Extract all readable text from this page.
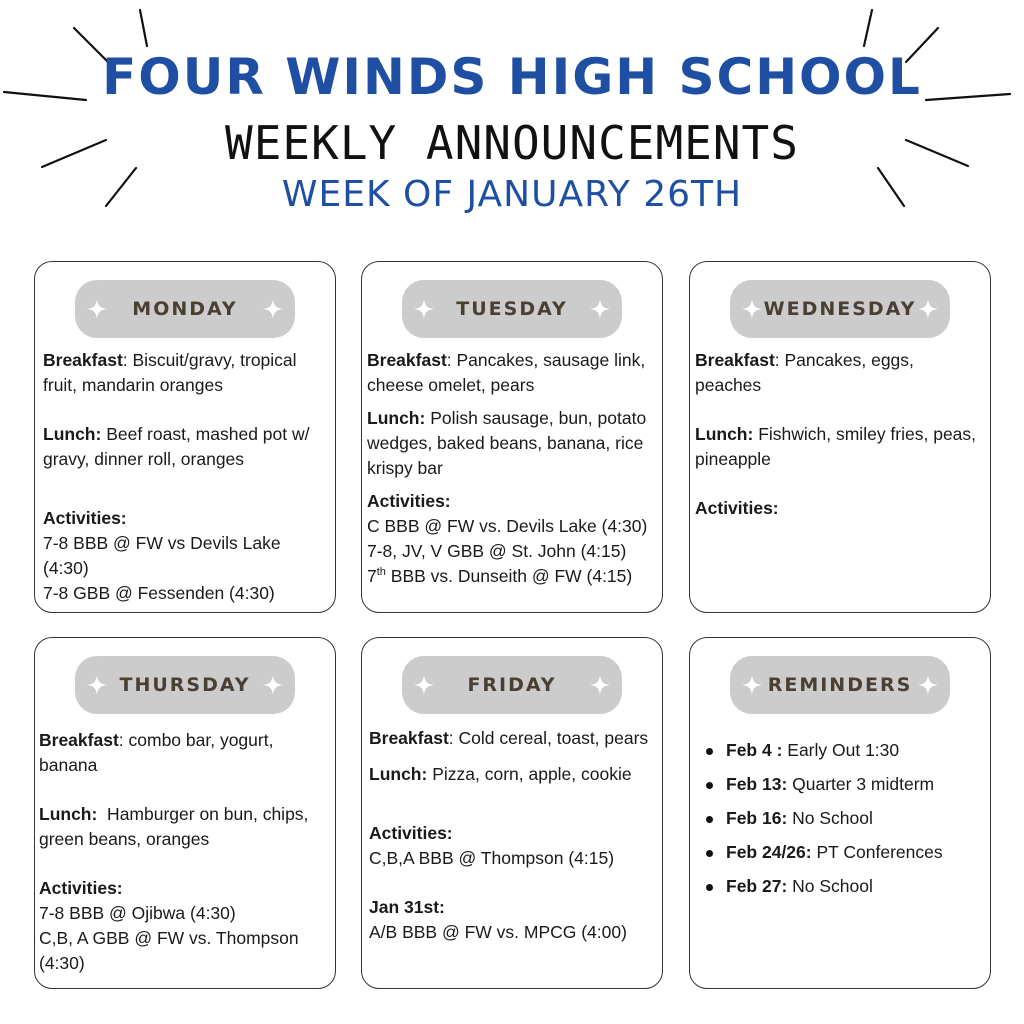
FOUR WINDS HIGH SCHOOL
WEEKLY ANNOUNCEMENTS
WEEK OF JANUARY 26TH
MONDAY
Breakfast: Biscuit/gravy, tropical fruit, mandarin oranges
Lunch: Beef roast, mashed pot w/ gravy, dinner roll, oranges
Activities:
7-8 BBB @ FW vs Devils Lake (4:30)
7-8 GBB @ Fessenden (4:30)
TUESDAY
Breakfast: Pancakes, sausage link, cheese omelet, pears
Lunch: Polish sausage, bun, potato wedges, baked beans, banana, rice krispy bar
Activities:
C BBB @ FW vs. Devils Lake (4:30)
7-8, JV, V GBB @ St. John (4:15)
7th BBB vs. Dunseith @ FW (4:15)
WEDNESDAY
Breakfast: Pancakes, eggs, peaches
Lunch: Fishwich, smiley fries, peas, pineapple
Activities:
THURSDAY
Breakfast: combo bar, yogurt, banana
Lunch:  Hamburger on bun, chips, green beans, oranges
Activities:
7-8 BBB @ Ojibwa (4:30)
C,B, A GBB @ FW vs. Thompson (4:30)
FRIDAY
Breakfast: Cold cereal, toast, pears
Lunch: Pizza, corn, apple, cookie
Activities:
C,B,A BBB @ Thompson (4:15)
Jan 31st:
A/B BBB @ FW vs. MPCG (4:00)
REMINDERS
Feb 4 : Early Out 1:30
Feb 13: Quarter 3 midterm
Feb 16: No School
Feb 24/26: PT Conferences
Feb 27: No School
